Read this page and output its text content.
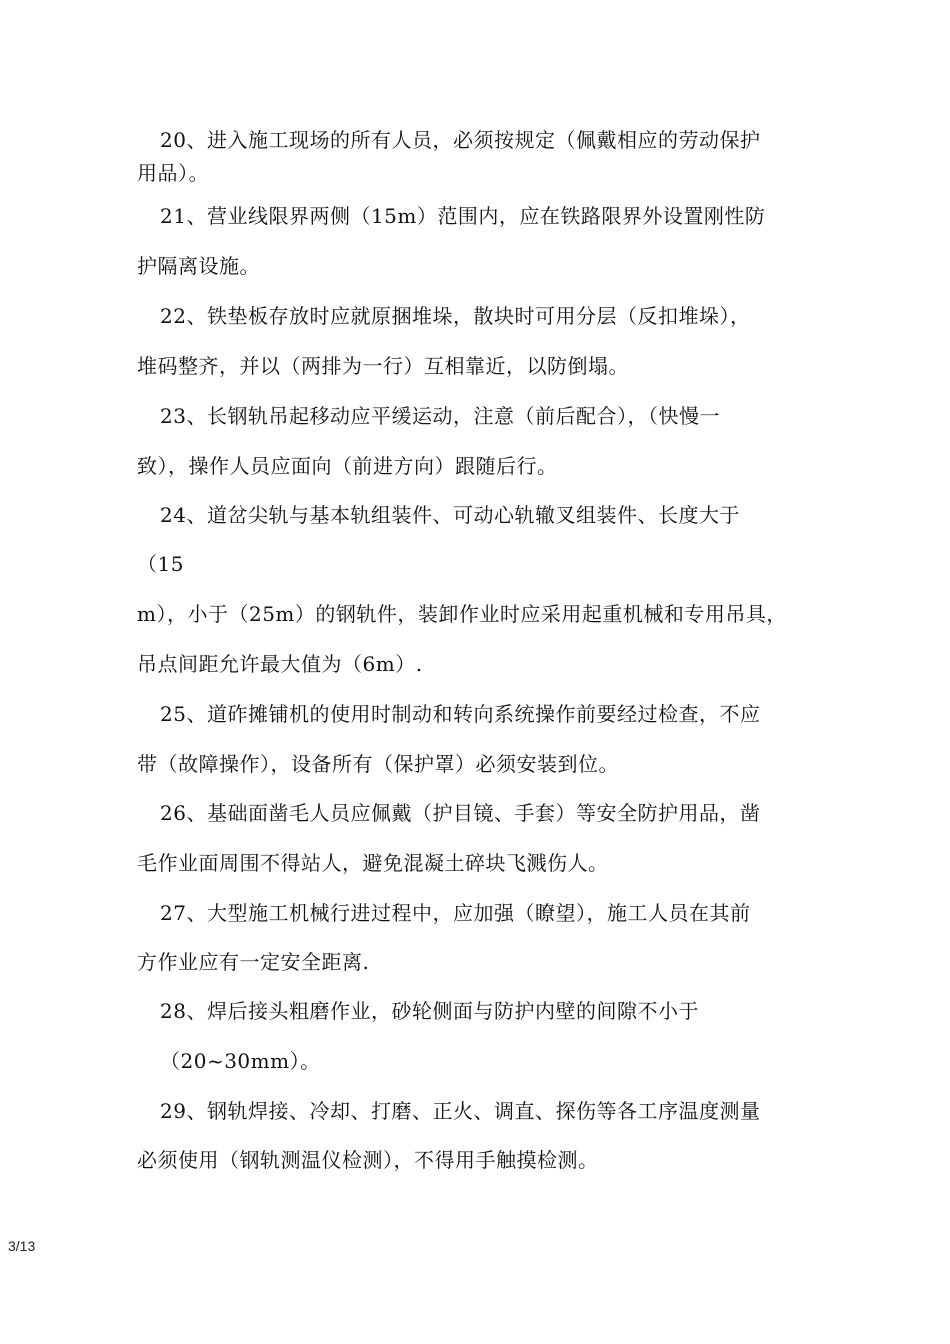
20、进入施工现场的所有人员，必须按规定（佩戴相应的劳动保护
用品）。
21、营业线限界两侧（15m）范围内，应在铁路限界外设置刚性防
护隔离设施。
22、铁垫板存放时应就原捆堆垛，散块时可用分层（反扣堆垛），
堆码整齐，并以（两排为一行）互相靠近，以防倒塌。
23、长钢轨吊起移动应平缓运动，注意（前后配合），（快慢一
致），操作人员应面向（前进方向）跟随后行。
24、道岔尖轨与基本轨组装件、可动心轨辙叉组装件、长度大于
（15
m），小于（25m）的钢轨件，装卸作业时应采用起重机械和专用吊具，
吊点间距允许最大值为（6m）.
25、道砟摊铺机的使用时制动和转向系统操作前要经过检查，不应
带（故障操作），设备所有（保护罩）必须安装到位。
26、基础面凿毛人员应佩戴（护目镜、手套）等安全防护用品，凿
毛作业面周围不得站人，避免混凝土碎块飞溅伤人。
27、大型施工机械行进过程中，应加强（瞭望），施工人员在其前
方作业应有一定安全距离.
28、焊后接头粗磨作业，砂轮侧面与防护内壁的间隙不小于
（20~30mm）。
29、钢轨焊接、冷却、打磨、正火、调直、探伤等各工序温度测量
必须使用（钢轨测温仪检测），不得用手触摸检测。
3/13
